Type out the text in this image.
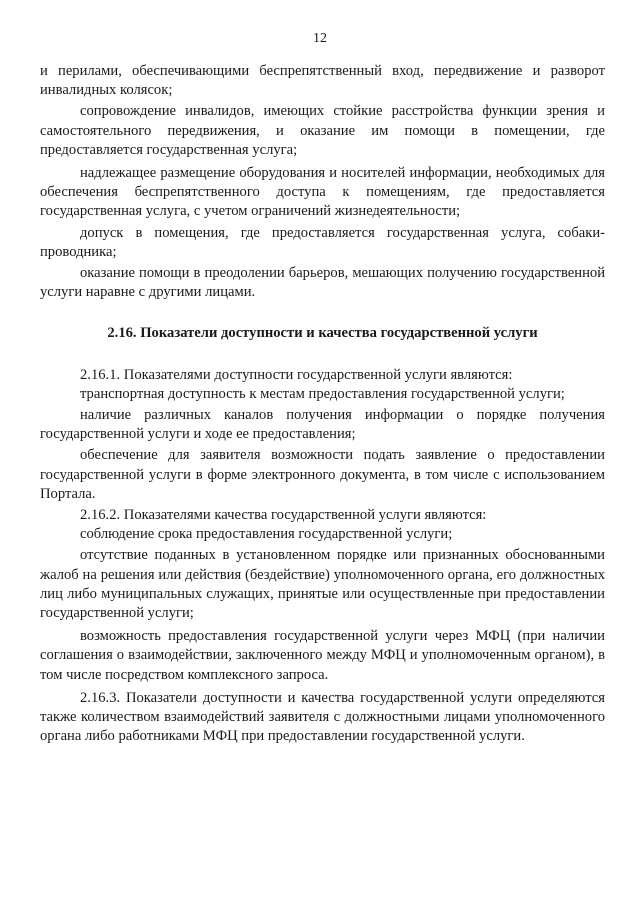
12

и перилами, обеспечивающими беспрепятственный вход, передвижение и разворот инвалидных колясок;

сопровождение инвалидов, имеющих стойкие расстройства функции зрения и самостоятельного передвижения, и оказание им помощи в помещении, где предоставляется государственная услуга;

надлежащее размещение оборудования и носителей информации, необходимых для обеспечения беспрепятственного доступа к помещениям, где предоставляется государственная услуга, с учетом ограничений жизнедеятельности;

допуск в помещения, где предоставляется государственная услуга, собаки-проводника;

оказание помощи в преодолении барьеров, мешающих получению государственной услуги наравне с другими лицами.

2.16. Показатели доступности и качества государственной услуги

2.16.1. Показателями доступности государственной услуги являются:

транспортная доступность к местам предоставления государственной услуги;

наличие различных каналов получения информации о порядке получения государственной услуги и ходе ее предоставления;

обеспечение для заявителя возможности подать заявление о предоставлении государственной услуги в форме электронного документа, в том числе с использованием Портала.

2.16.2. Показателями качества государственной услуги являются:

соблюдение срока предоставления государственной услуги;

отсутствие поданных в установленном порядке или признанных обоснованными жалоб на решения или действия (бездействие) уполномоченного органа, его должностных лиц либо муниципальных служащих, принятые или осуществленные при предоставлении государственной услуги;

возможность предоставления государственной услуги через МФЦ (при наличии соглашения о взаимодействии, заключенного между МФЦ и уполномоченным органом), в том числе посредством комплексного запроса.

2.16.3. Показатели доступности и качества государственной услуги определяются также количеством взаимодействий заявителя с должностными лицами уполномоченного органа либо работниками МФЦ при предоставлении государственной услуги.
